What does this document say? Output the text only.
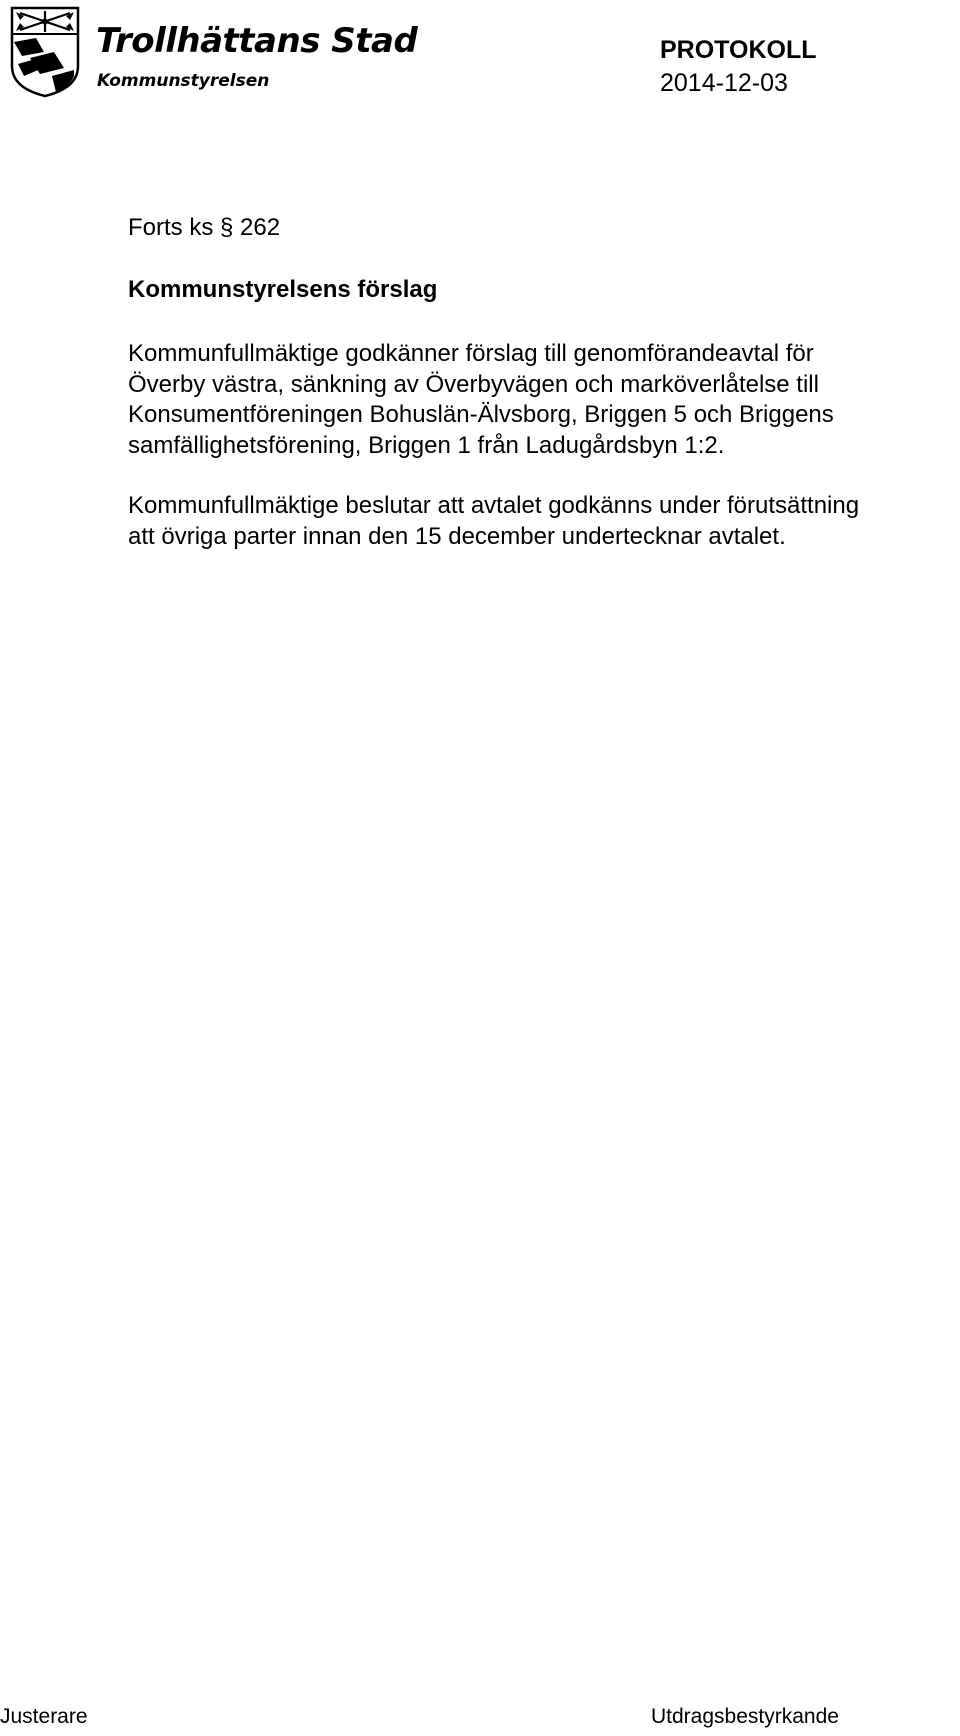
Trollhättans Stad
Kommunstyrelsen
PROTOKOLL
2014-12-03

Forts ks § 262

Kommunstyrelsens förslag

Kommunfullmäktige godkänner förslag till genomförandeavtal för
Överby västra, sänkning av Överbyvägen och marköverlåtelse till
Konsumentföreningen Bohuslän-Älvsborg, Briggen 5 och Briggens
samfällighetsförening, Briggen 1 från Ladugårdsbyn 1:2.

Kommunfullmäktige beslutar att avtalet godkänns under förutsättning
att övriga parter innan den 15 december undertecknar avtalet.

Justerare	Utdragsbestyrkande
